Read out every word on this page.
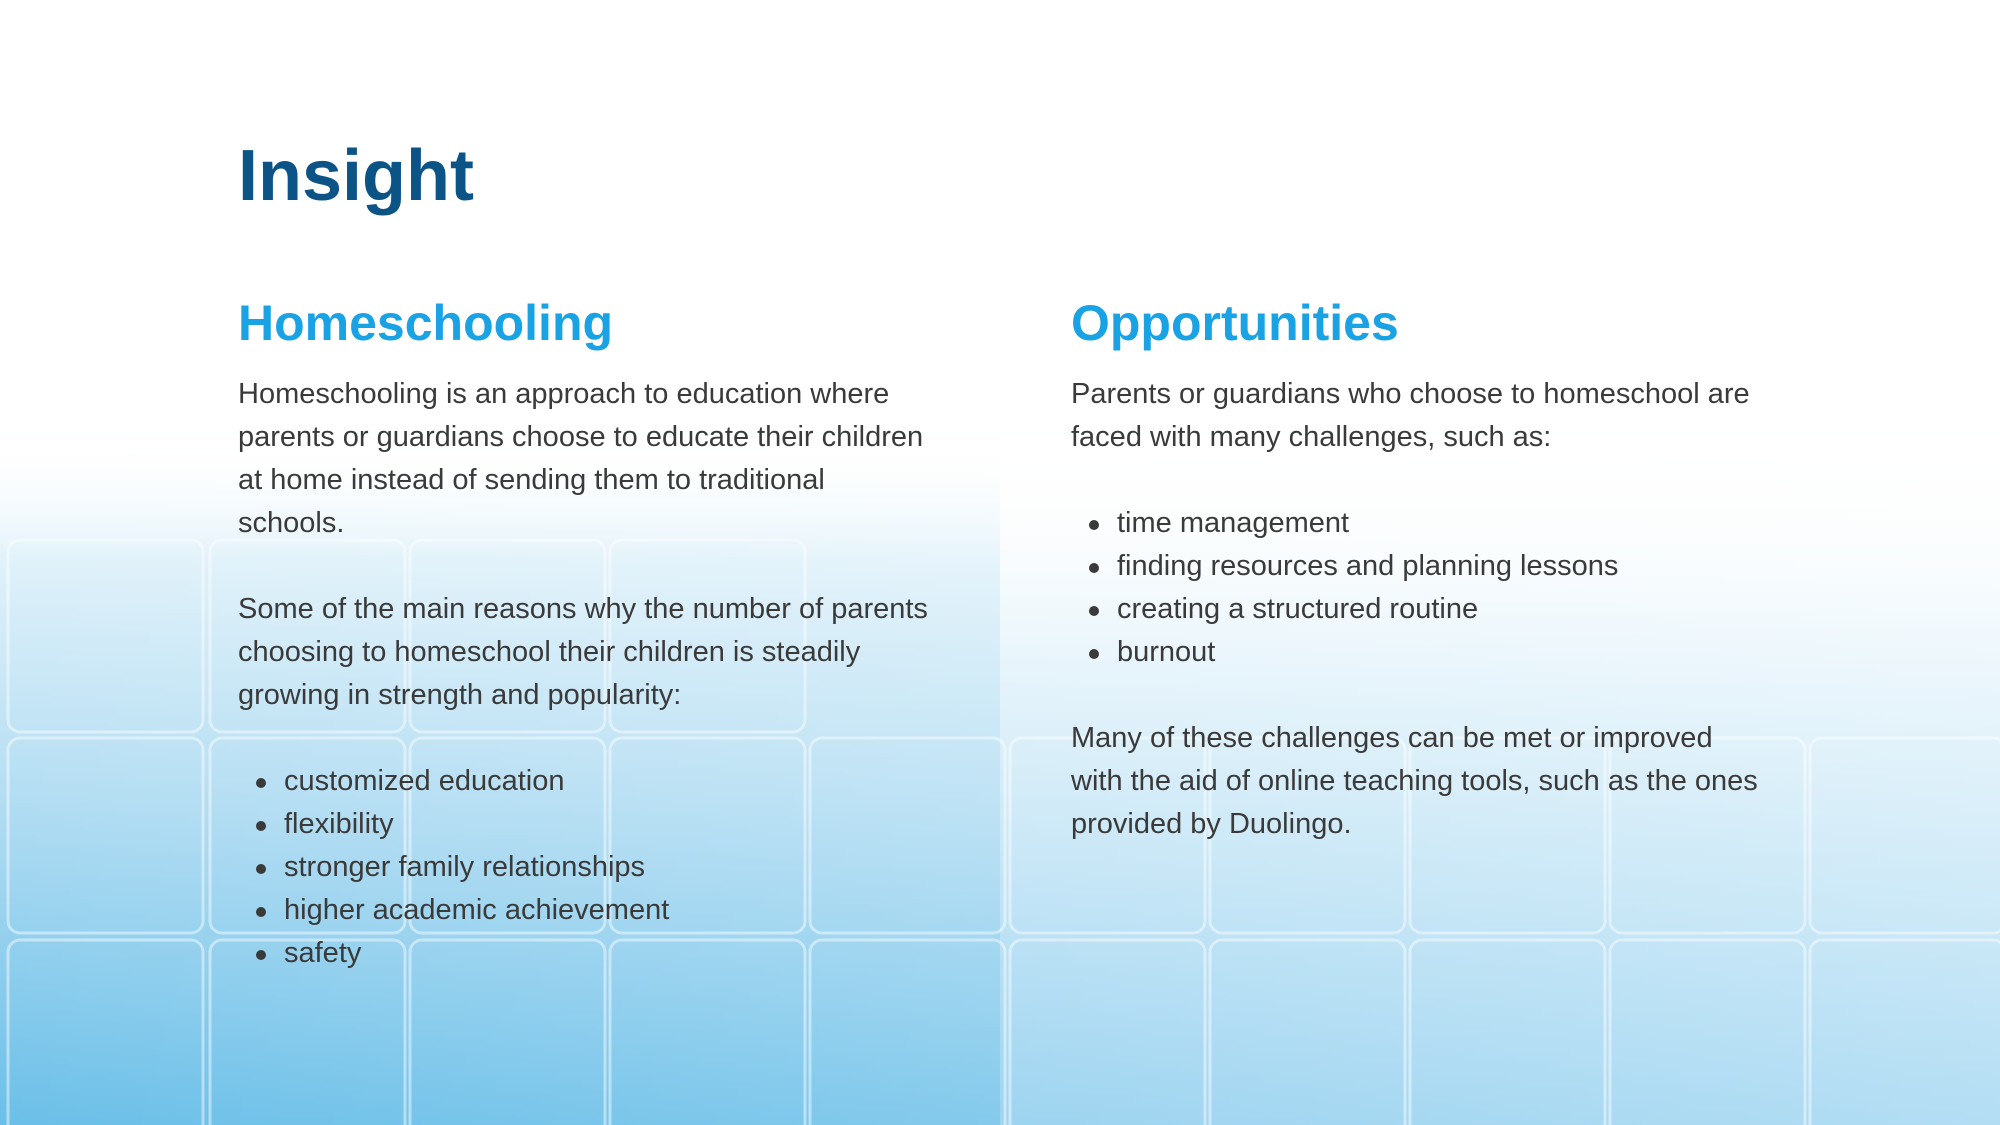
Insight
Homeschooling

Homeschooling is an approach to education where parents or guardians choose to educate their children at home instead of sending them to traditional schools.

Some of the main reasons why the number of parents choosing to homeschool their children is steadily growing in strength and popularity:

customized education
flexibility
stronger family relationships
higher academic achievement
safety
Opportunities

Parents or guardians who choose to homeschool are faced with many challenges, such as:

time management
finding resources and planning lessons
creating a structured routine
burnout

Many of these challenges can be met or improved with the aid of online teaching tools, such as the ones provided by Duolingo.
